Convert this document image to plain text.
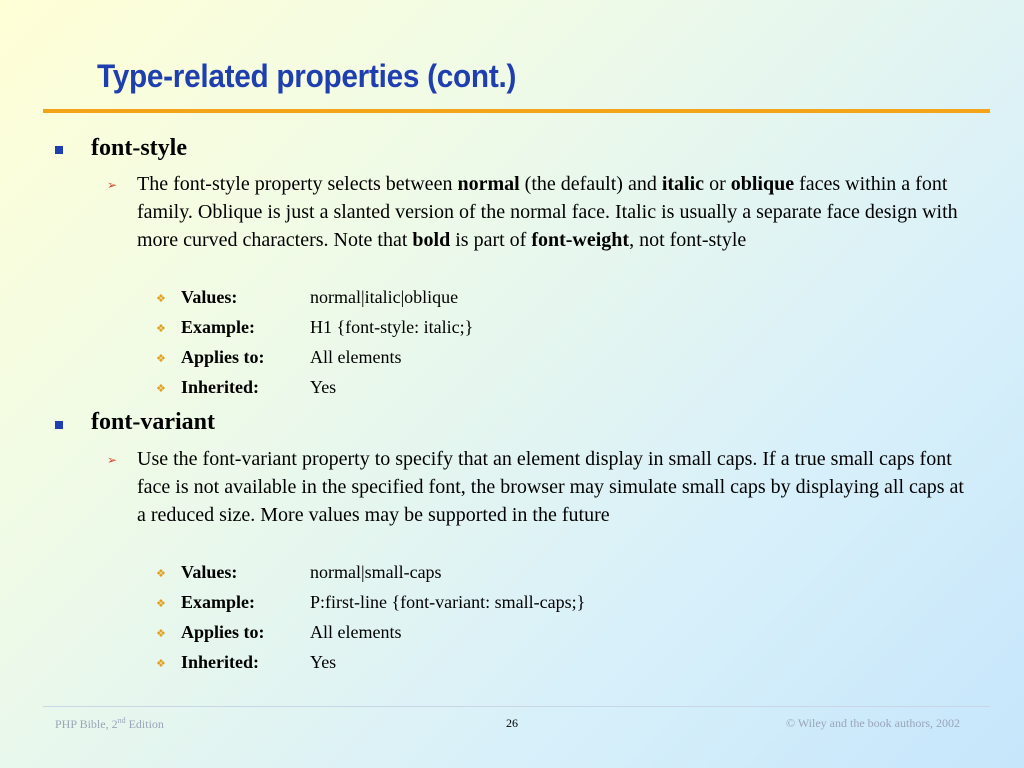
Type-related properties (cont.)
font-style
➢ The font-style property selects between normal (the default) and italic or oblique faces within a font family. Oblique is just a slanted version of the normal face. Italic is usually a separate face design with more curved characters. Note that bold is part of font-weight, not font-style
❖ Values:	normal|italic|oblique
❖ Example:	H1 {font-style: italic;}
❖ Applies to:	All elements
❖ Inherited:	Yes
font-variant
➢ Use the font-variant property to specify that an element display in small caps. If a true small caps font face is not available in the specified font, the browser may simulate small caps by displaying all caps at a reduced size. More values may be supported in the future
❖ Values:	normal|small-caps
❖ Example:	P:first-line {font-variant: small-caps;}
❖ Applies to:	All elements
❖ Inherited:	Yes
PHP Bible, 2nd Edition	26	© Wiley and the book authors, 2002
